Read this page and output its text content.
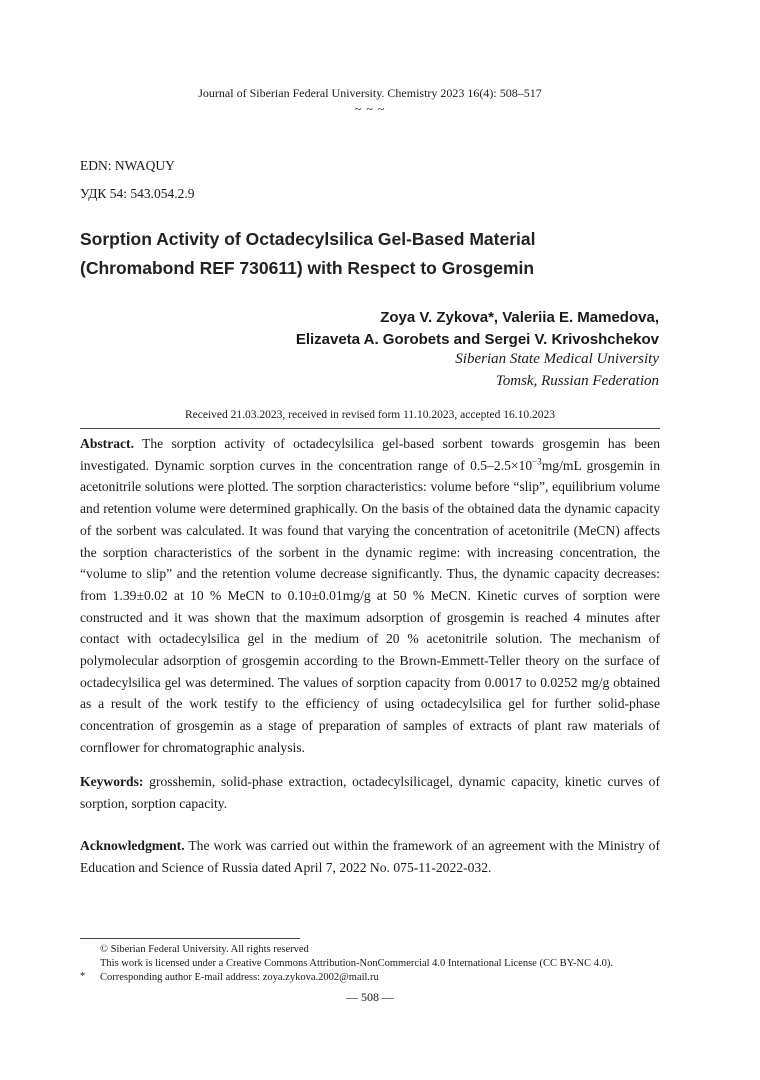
Journal of Siberian Federal University. Chemistry 2023 16(4): 508–517
~ ~ ~
EDN: NWAQUY
УДК 54: 543.054.2.9
Sorption Activity of Octadecylsilica Gel-Based Material
(Chromabond REF 730611) with Respect to Grosgemin
Zoya V. Zykova*, Valeriia E. Mamedova,
Elizaveta A. Gorobets and Sergei V. Krivoshchekov
Siberian State Medical University
Tomsk, Russian Federation
Received 21.03.2023, received in revised form 11.10.2023, accepted 16.10.2023
Abstract. The sorption activity of octadecylsilica gel-based sorbent towards grosgemin has been investigated. Dynamic sorption curves in the concentration range of $0.5-2.5\times 10^{-3}mg/mL$ grosgemin in acetonitrile solutions were plotted. The sorption characteristics: volume before “slip”, equilibrium volume and retention volume were determined graphically. On the basis of the obtained data the dynamic capacity of the sorbent was calculated. It was found that varying the concentration of acetonitrile (MeCN) affects the sorption characteristics of the sorbent in the dynamic regime: with increasing concentration, the “volume to slip” and the retention volume decrease significantly. Thus, the dynamic capacity decreases: from 1.39±0.02 at 10 % MeCN to 0.10±0.01mg/g at 50 % MeCN. Kinetic curves of sorption were constructed and it was shown that the maximum adsorption of grosgemin is reached 4 minutes after contact with octadecylsilica gel in the medium of 20 % acetonitrile solution. The mechanism of polymolecular adsorption of grosgemin according to the Brown-Emmett-Teller theory on the surface of octadecylsilica gel was determined. The values of sorption capacity from 0.0017 to 0.0252 mg/g obtained as a result of the work testify to the efficiency of using octadecylsilica gel for further solid-phase concentration of grosgemin as a stage of preparation of samples of extracts of plant raw materials of cornflower for chromatographic analysis.
Keywords: grosshemin, solid-phase extraction, octadecylsilicagel, dynamic capacity, kinetic curves of sorption, sorption capacity.
Acknowledgment. The work was carried out within the framework of an agreement with the Ministry of Education and Science of Russia dated April 7, 2022 No. 075-11-2022-032.
© Siberian Federal University. All rights reserved
This work is licensed under a Creative Commons Attribution-NonCommercial 4.0 International License (CC BY-NC 4.0).
* Corresponding author E-mail address: zoya.zykova.2002@mail.ru
— 508 —
